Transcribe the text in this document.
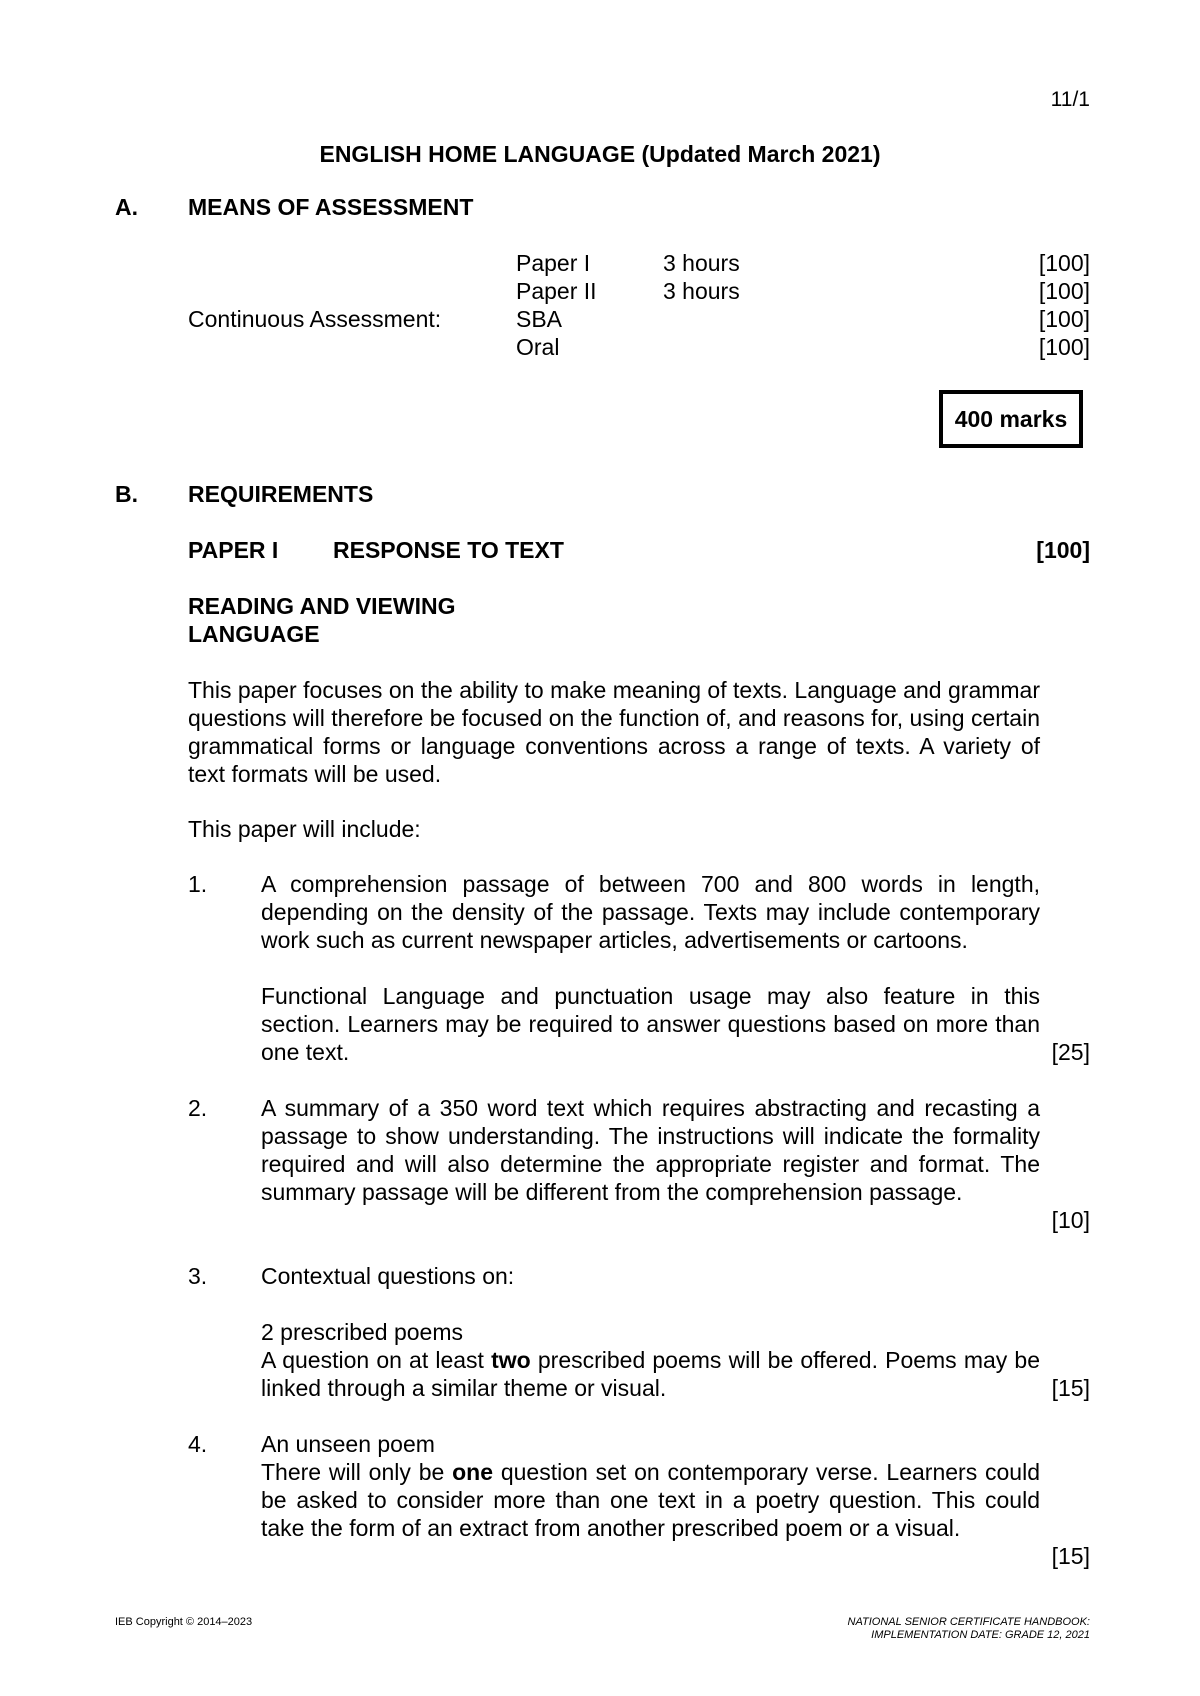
11/1
ENGLISH HOME LANGUAGE (Updated March 2021)
A. MEANS OF ASSESSMENT
Paper I	3 hours	[100]
Paper II	3 hours	[100]
Continuous Assessment:	SBA	[100]
Oral	[100]
400 marks
B. REQUIREMENTS
PAPER I RESPONSE TO TEXT	[100]
READING AND VIEWING
LANGUAGE
This paper focuses on the ability to make meaning of texts. Language and grammar questions will therefore be focused on the function of, and reasons for, using certain grammatical forms or language conventions across a range of texts. A variety of text formats will be used.
This paper will include:
1. A comprehension passage of between 700 and 800 words in length, depending on the density of the passage. Texts may include contemporary work such as current newspaper articles, advertisements or cartoons.
Functional Language and punctuation usage may also feature in this section. Learners may be required to answer questions based on more than one text.	[25]
2. A summary of a 350 word text which requires abstracting and recasting a passage to show understanding. The instructions will indicate the formality required and will also determine the appropriate register and format. The summary passage will be different from the comprehension passage.
[10]
3. Contextual questions on:
2 prescribed poems
A question on at least two prescribed poems will be offered. Poems may be linked through a similar theme or visual.	[15]
4. An unseen poem
There will only be one question set on contemporary verse. Learners could be asked to consider more than one text in a poetry question. This could take the form of an extract from another prescribed poem or a visual.
[15]
IEB Copyright © 2014–2023	NATIONAL SENIOR CERTIFICATE HANDBOOK:
IMPLEMENTATION DATE: GRADE 12, 2021
